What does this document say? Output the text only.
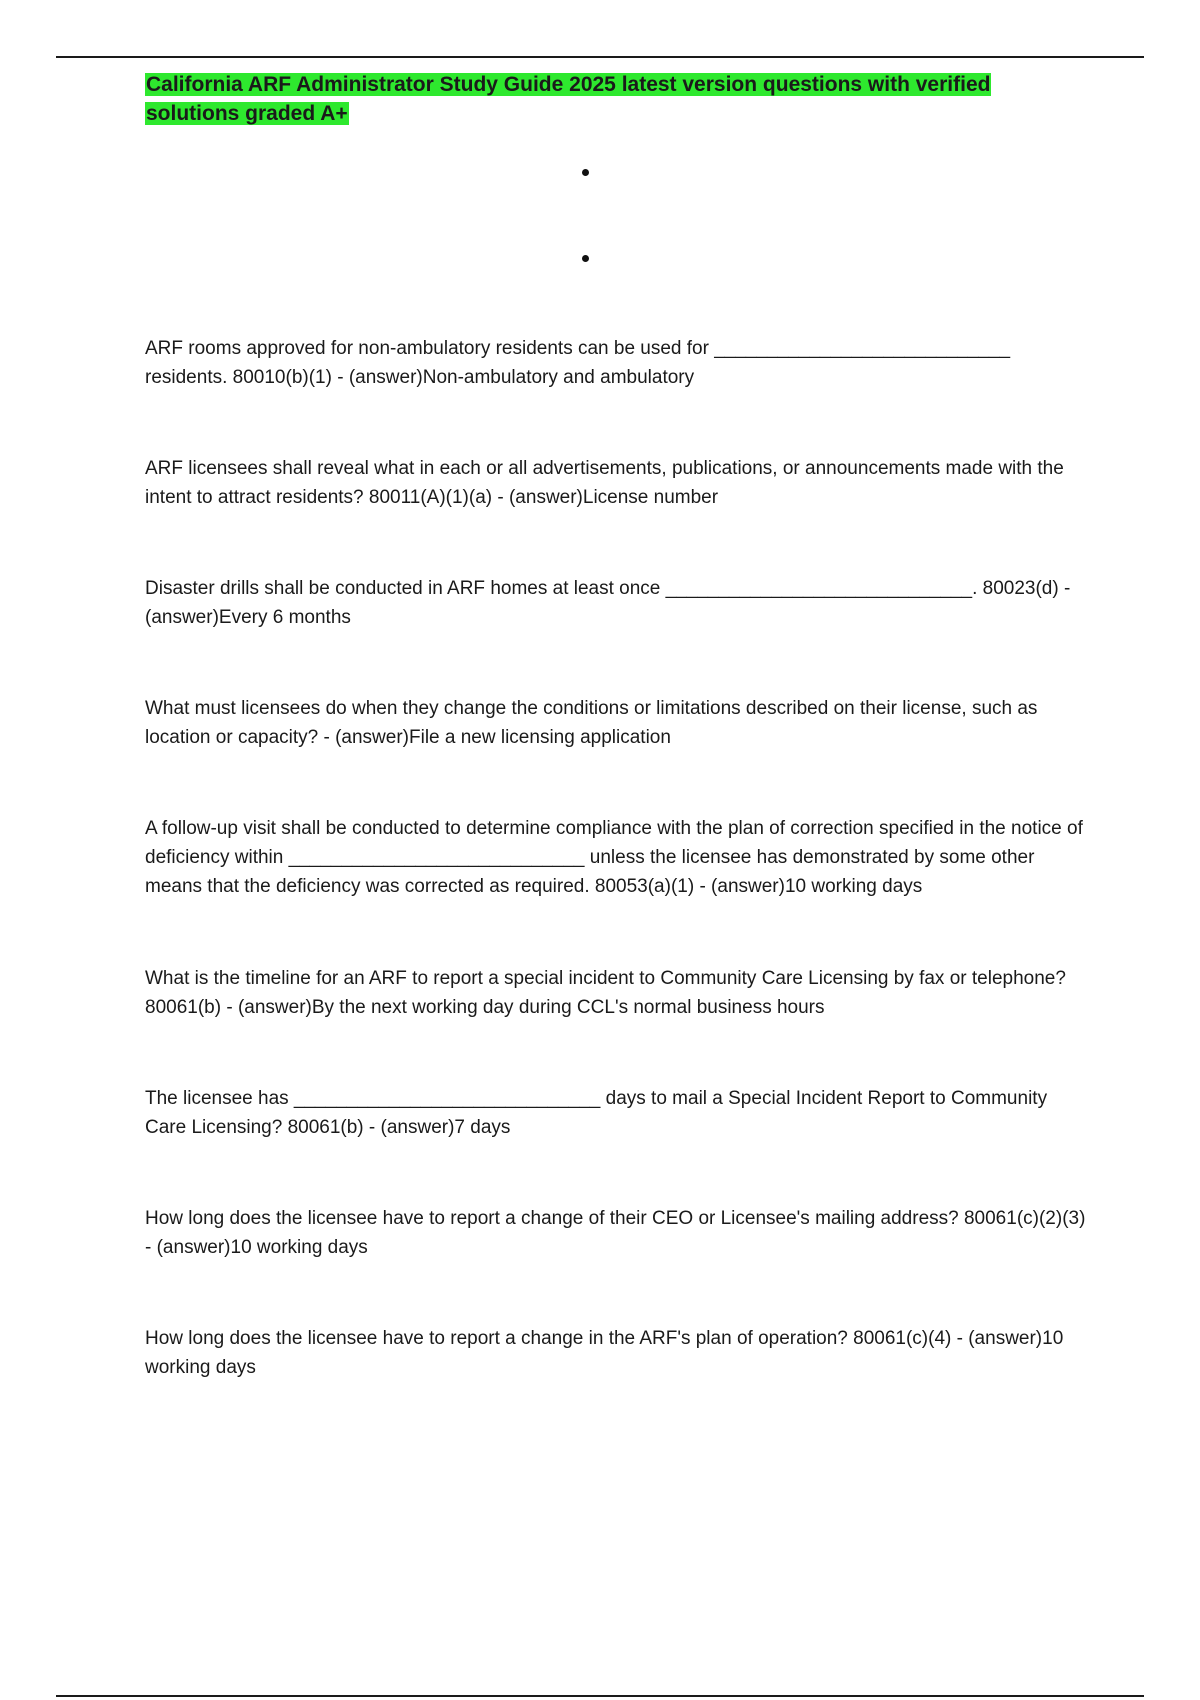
California ARF Administrator Study Guide 2025 latest version questions with verified solutions graded A+

ARF rooms approved for non-ambulatory residents can be used for ____________________________ residents. 80010(b)(1) - (answer)Non-ambulatory and ambulatory

ARF licensees shall reveal what in each or all advertisements, publications, or announcements made with the intent to attract residents? 80011(A)(1)(a) - (answer)License number

Disaster drills shall be conducted in ARF homes at least once _____________________________. 80023(d) - (answer)Every 6 months

What must licensees do when they change the conditions or limitations described on their license, such as location or capacity? - (answer)File a new licensing application

A follow-up visit shall be conducted to determine compliance with the plan of correction specified in the notice of deficiency within ____________________________ unless the licensee has demonstrated by some other means that the deficiency was corrected as required. 80053(a)(1) - (answer)10 working days

What is the timeline for an ARF to report a special incident to Community Care Licensing by fax or telephone? 80061(b) - (answer)By the next working day during CCL's normal business hours

The licensee has _____________________________ days to mail a Special Incident Report to Community Care Licensing? 80061(b) - (answer)7 days

How long does the licensee have to report a change of their CEO or Licensee's mailing address? 80061(c)(2)(3) - (answer)10 working days

How long does the licensee have to report a change in the ARF's plan of operation? 80061(c)(4) - (answer)10 working days
